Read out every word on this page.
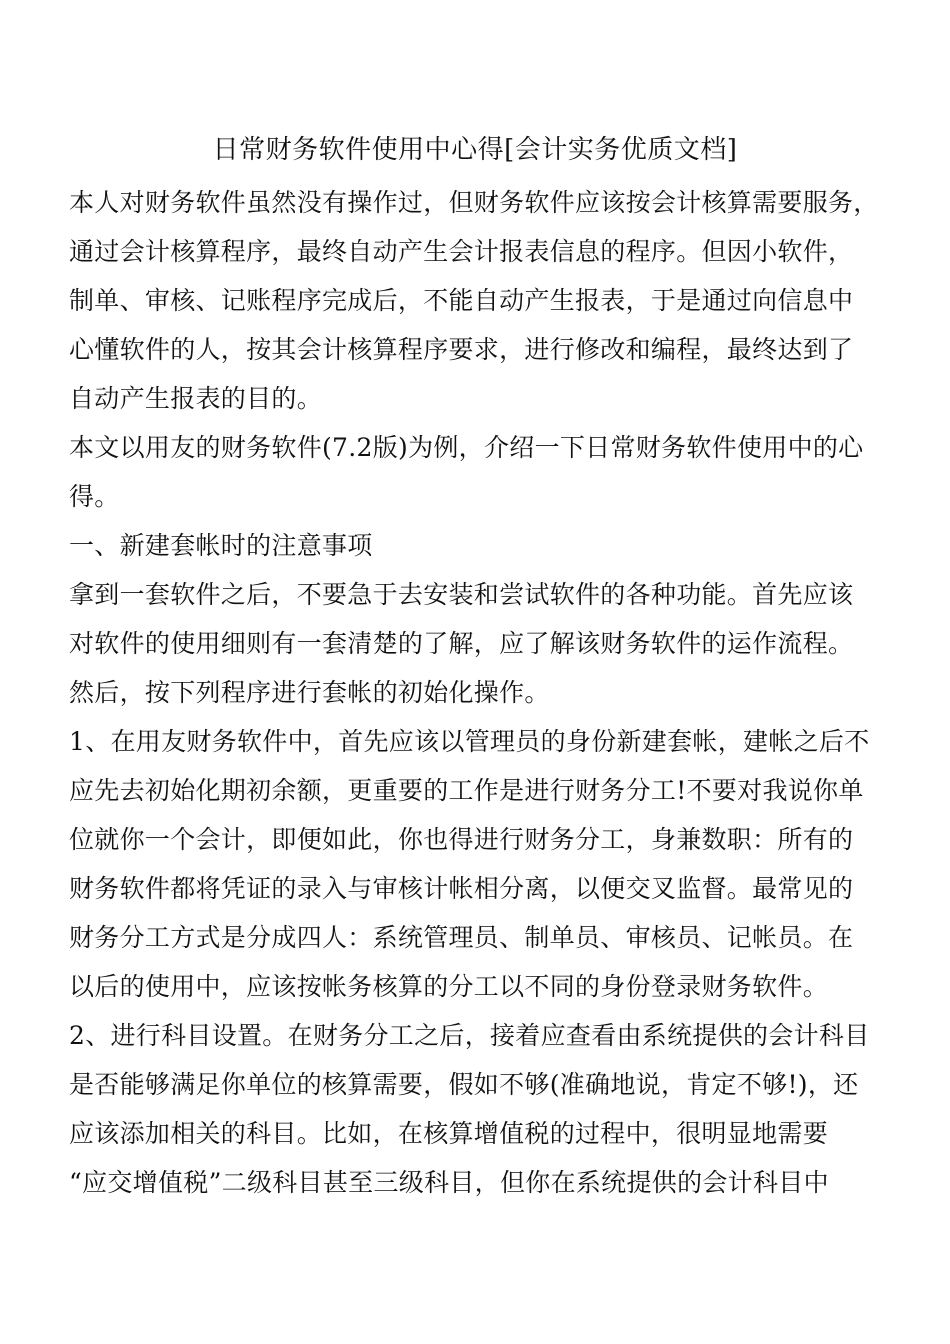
日常财务软件使用中心得[会计实务优质文档]
本人对财务软件虽然没有操作过，但财务软件应该按会计核算需要服务，
通过会计核算程序，最终自动产生会计报表信息的程序。但因小软件，
制单、审核、记账程序完成后，不能自动产生报表，于是通过向信息中
心懂软件的人，按其会计核算程序要求，进行修改和编程，最终达到了
自动产生报表的目的。
本文以用友的财务软件(7.2版)为例，介绍一下日常财务软件使用中的心
得。
一、新建套帐时的注意事项
拿到一套软件之后，不要急于去安装和尝试软件的各种功能。首先应该
对软件的使用细则有一套清楚的了解，应了解该财务软件的运作流程。
然后，按下列程序进行套帐的初始化操作。
1、在用友财务软件中，首先应该以管理员的身份新建套帐，建帐之后不
应先去初始化期初余额，更重要的工作是进行财务分工!不要对我说你单
位就你一个会计，即便如此，你也得进行财务分工，身兼数职：所有的
财务软件都将凭证的录入与审核计帐相分离，以便交叉监督。最常见的
财务分工方式是分成四人：系统管理员、制单员、审核员、记帐员。在
以后的使用中，应该按帐务核算的分工以不同的身份登录财务软件。
2、进行科目设置。在财务分工之后，接着应查看由系统提供的会计科目
是否能够满足你单位的核算需要，假如不够(准确地说，肯定不够!)，还
应该添加相关的科目。比如，在核算增值税的过程中，很明显地需要
“应交增值税”二级科目甚至三级科目，但你在系统提供的会计科目中
